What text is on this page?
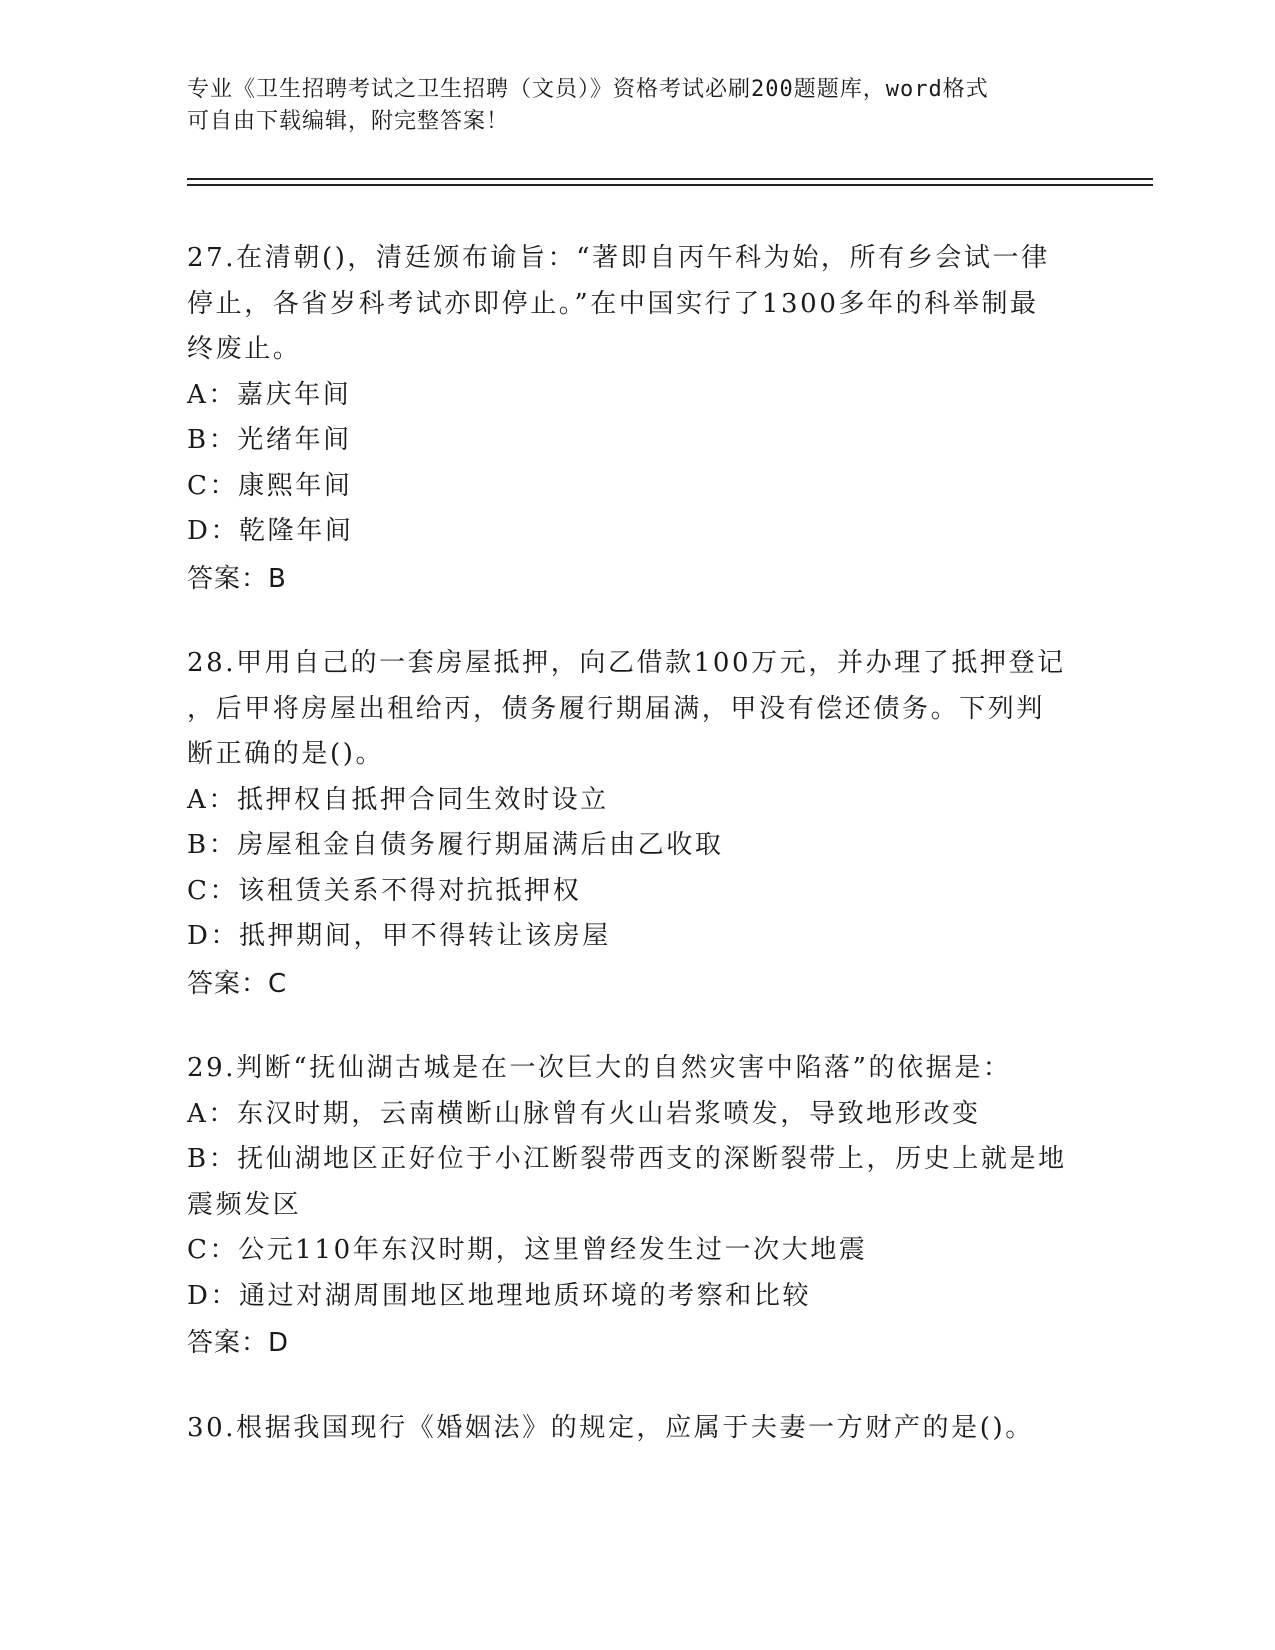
专业《卫生招聘考试之卫生招聘（文员）》资格考试必刷200题题库，word格式
可自由下载编辑，附完整答案！

27.在清朝()，清廷颁布谕旨：“著即自丙午科为始，所有乡会试一律

停止，各省岁科考试亦即停止。”在中国实行了1300多年的科举制最

终废止。

A：嘉庆年间

B：光绪年间

C：康熙年间

D：乾隆年间

答案：B

28.甲用自己的一套房屋抵押，向乙借款100万元，并办理了抵押登记

，后甲将房屋出租给丙，债务履行期届满，甲没有偿还债务。下列判

断正确的是()。

A：抵押权自抵押合同生效时设立

B：房屋租金自债务履行期届满后由乙收取

C：该租赁关系不得对抗抵押权

D：抵押期间，甲不得转让该房屋

答案：C

29.判断“抚仙湖古城是在一次巨大的自然灾害中陷落”的依据是：

A：东汉时期，云南横断山脉曾有火山岩浆喷发，导致地形改变

B：抚仙湖地区正好位于小江断裂带西支的深断裂带上，历史上就是地

震频发区

C：公元110年东汉时期，这里曾经发生过一次大地震

D：通过对湖周围地区地理地质环境的考察和比较

答案：D

30.根据我国现行《婚姻法》的规定，应属于夫妻一方财产的是()。
